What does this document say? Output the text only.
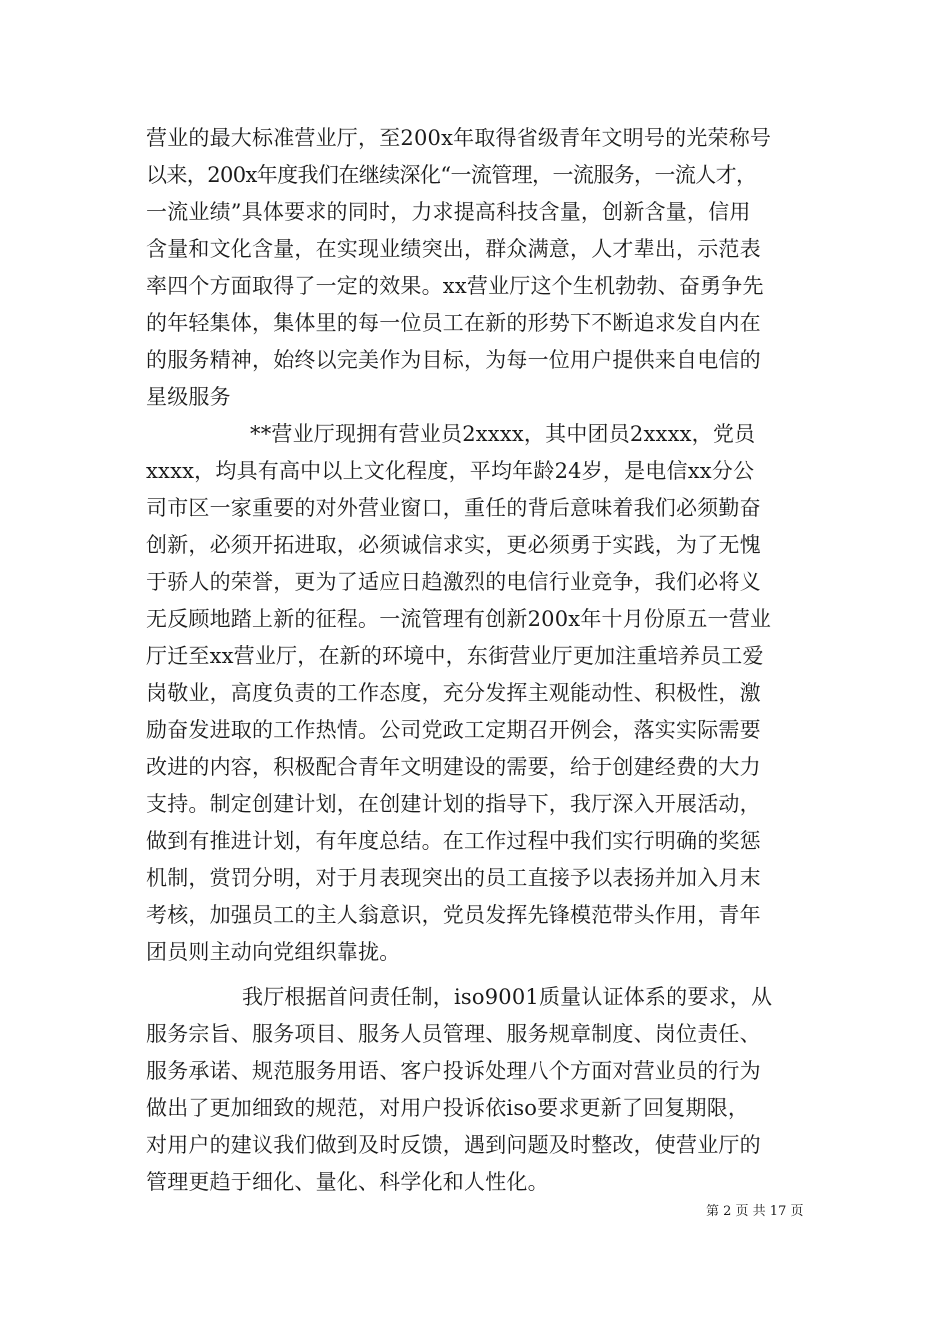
营业的最大标准营业厅，至200x年取得省级青年文明号的光荣称号
以来，200x年度我们在继续深化“一流管理，一流服务，一流人才，
一流业绩”具体要求的同时，力求提高科技含量，创新含量，信用
含量和文化含量，在实现业绩突出，群众满意，人才辈出，示范表
率四个方面取得了一定的效果。xx营业厅这个生机勃勃、奋勇争先
的年轻集体，集体里的每一位员工在新的形势下不断追求发自内在
的服务精神，始终以完美作为目标，为每一位用户提供来自电信的
星级服务
**营业厅现拥有营业员2xxxx，其中团员2xxxx，党员
xxxx，均具有高中以上文化程度，平均年龄24岁，是电信xx分公
司市区一家重要的对外营业窗口，重任的背后意味着我们必须勤奋
创新，必须开拓进取，必须诚信求实，更必须勇于实践，为了无愧
于骄人的荣誉，更为了适应日趋激烈的电信行业竞争，我们必将义
无反顾地踏上新的征程。一流管理有创新200x年十月份原五一营业
厅迁至xx营业厅，在新的环境中，东街营业厅更加注重培养员工爱
岗敬业，高度负责的工作态度，充分发挥主观能动性、积极性，激
励奋发进取的工作热情。公司党政工定期召开例会，落实实际需要
改进的内容，积极配合青年文明建设的需要，给于创建经费的大力
支持。制定创建计划，在创建计划的指导下，我厅深入开展活动，
做到有推进计划，有年度总结。在工作过程中我们实行明确的奖惩
机制，赏罚分明，对于月表现突出的员工直接予以表扬并加入月末
考核，加强员工的主人翁意识，党员发挥先锋模范带头作用，青年
团员则主动向党组织靠拢。
我厅根据首问责任制，iso9001质量认证体系的要求，从
服务宗旨、服务项目、服务人员管理、服务规章制度、岗位责任、
服务承诺、规范服务用语、客户投诉处理八个方面对营业员的行为
做出了更加细致的规范，对用户投诉依iso要求更新了回复期限，
对用户的建议我们做到及时反馈，遇到问题及时整改，使营业厅的
管理更趋于细化、量化、科学化和人性化。
第 2 页 共 17 页
